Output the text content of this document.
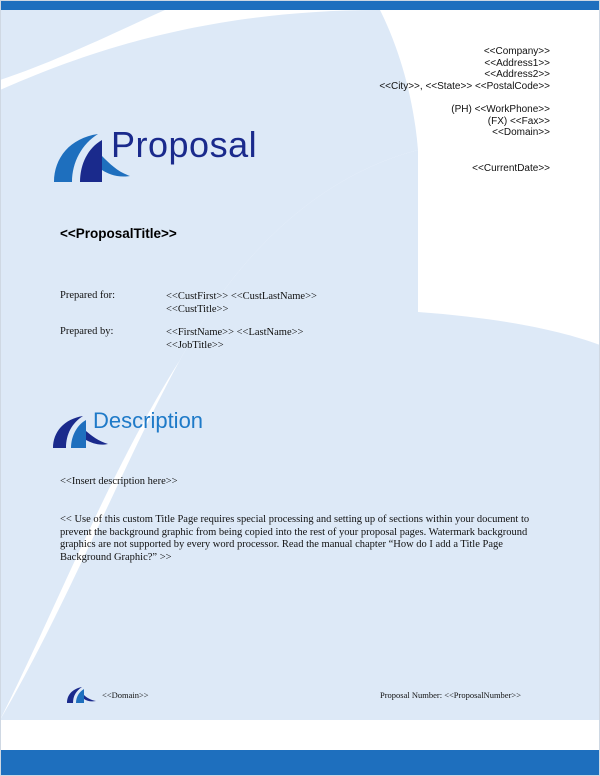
<<Company>>
<<Address1>>
<<Address2>>
<<City>>, <<State>> <<PostalCode>>
(PH) <<WorkPhone>>
(FX) <<Fax>>
<<Domain>>
<<CurrentDate>>
Proposal
<<ProposalTitle>>
Prepared for:	<<CustFirst>> <<CustLastName>>
<<CustTitle>>
Prepared by:	<<FirstName>> <<LastName>>
<<JobTitle>>
Description
<<Insert description here>>
<< Use of this custom Title Page requires special processing and setting up of sections within your document to prevent the background graphic from being copied into the rest of your proposal pages. Watermark background graphics are not supported by every word processor. Read the manual chapter “How do I add a Title Page Background Graphic?” >>
<<Domain>>	Proposal Number: <<ProposalNumber>>
